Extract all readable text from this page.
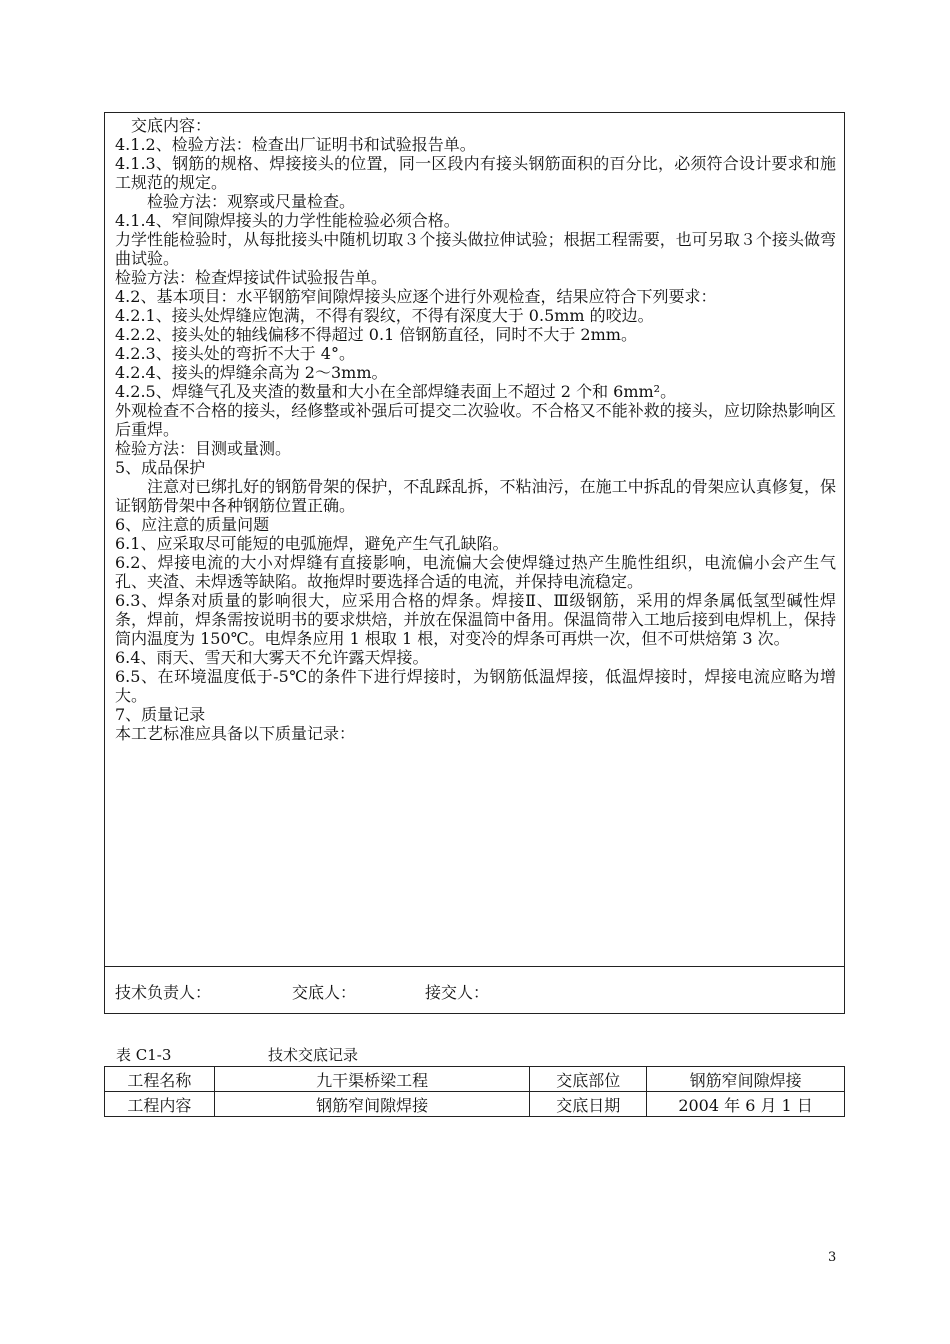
　交底内容：
4.1.2、检验方法：检查出厂证明书和试验报告单。
4.1.3、钢筋的规格、焊接接头的位置，同一区段内有接头钢筋面积的百分比，必须符合设计要求和施工规范的规定。
　　检验方法：观察或尺量检查。
4.1.4、窄间隙焊接头的力学性能检验必须合格。
力学性能检验时，从每批接头中随机切取３个接头做拉伸试验；根据工程需要，也可另取３个接头做弯曲试验。
检验方法：检查焊接试件试验报告单。
4.2、基本项目：水平钢筋窄间隙焊接头应逐个进行外观检查，结果应符合下列要求：
4.2.1、接头处焊缝应饱满，不得有裂纹，不得有深度大于 0.5mm 的咬边。
4.2.2、接头处的轴线偏移不得超过 0.1 倍钢筋直径，同时不大于 2mm。
4.2.3、接头处的弯折不大于 4°。
4.2.4、接头的焊缝余高为 2～3mm。
4.2.5、焊缝气孔及夹渣的数量和大小在全部焊缝表面上不超过 2 个和 6mm²。
外观检查不合格的接头，经修整或补强后可提交二次验收。不合格又不能补救的接头，应切除热影响区后重焊。
检验方法：目测或量测。
5、成品保护
　　注意对已绑扎好的钢筋骨架的保护，不乱踩乱拆，不粘油污，在施工中拆乱的骨架应认真修复，保证钢筋骨架中各种钢筋位置正确。
6、应注意的质量问题
6.1、应采取尽可能短的电弧施焊，避免产生气孔缺陷。
6.2、焊接电流的大小对焊缝有直接影响，电流偏大会使焊缝过热产生脆性组织，电流偏小会产生气孔、夹渣、未焊透等缺陷。故拖焊时要选择合适的电流，并保持电流稳定。
6.3、焊条对质量的影响很大，应采用合格的焊条。焊接Ⅱ、Ⅲ级钢筋，采用的焊条属低氢型碱性焊条，焊前，焊条需按说明书的要求烘焙，并放在保温筒中备用。保温筒带入工地后接到电焊机上，保持筒内温度为 150℃。电焊条应用 1 根取 1 根，对变冷的焊条可再烘一次，但不可烘焙第 3 次。
6.4、雨天、雪天和大雾天不允许露天焊接。
6.5、在环境温度低于-5℃的条件下进行焊接时，为钢筋低温焊接，低温焊接时，焊接电流应略为增大。
7、质量记录
本工艺标准应具备以下质量记录：
技术负责人：	交底人：	接交人：
表 C1-3	技术交底记录
工程名称	九干渠桥梁工程	交底部位	钢筋窄间隙焊接
工程内容	钢筋窄间隙焊接	交底日期	2004 年 6 月 1 日
3
